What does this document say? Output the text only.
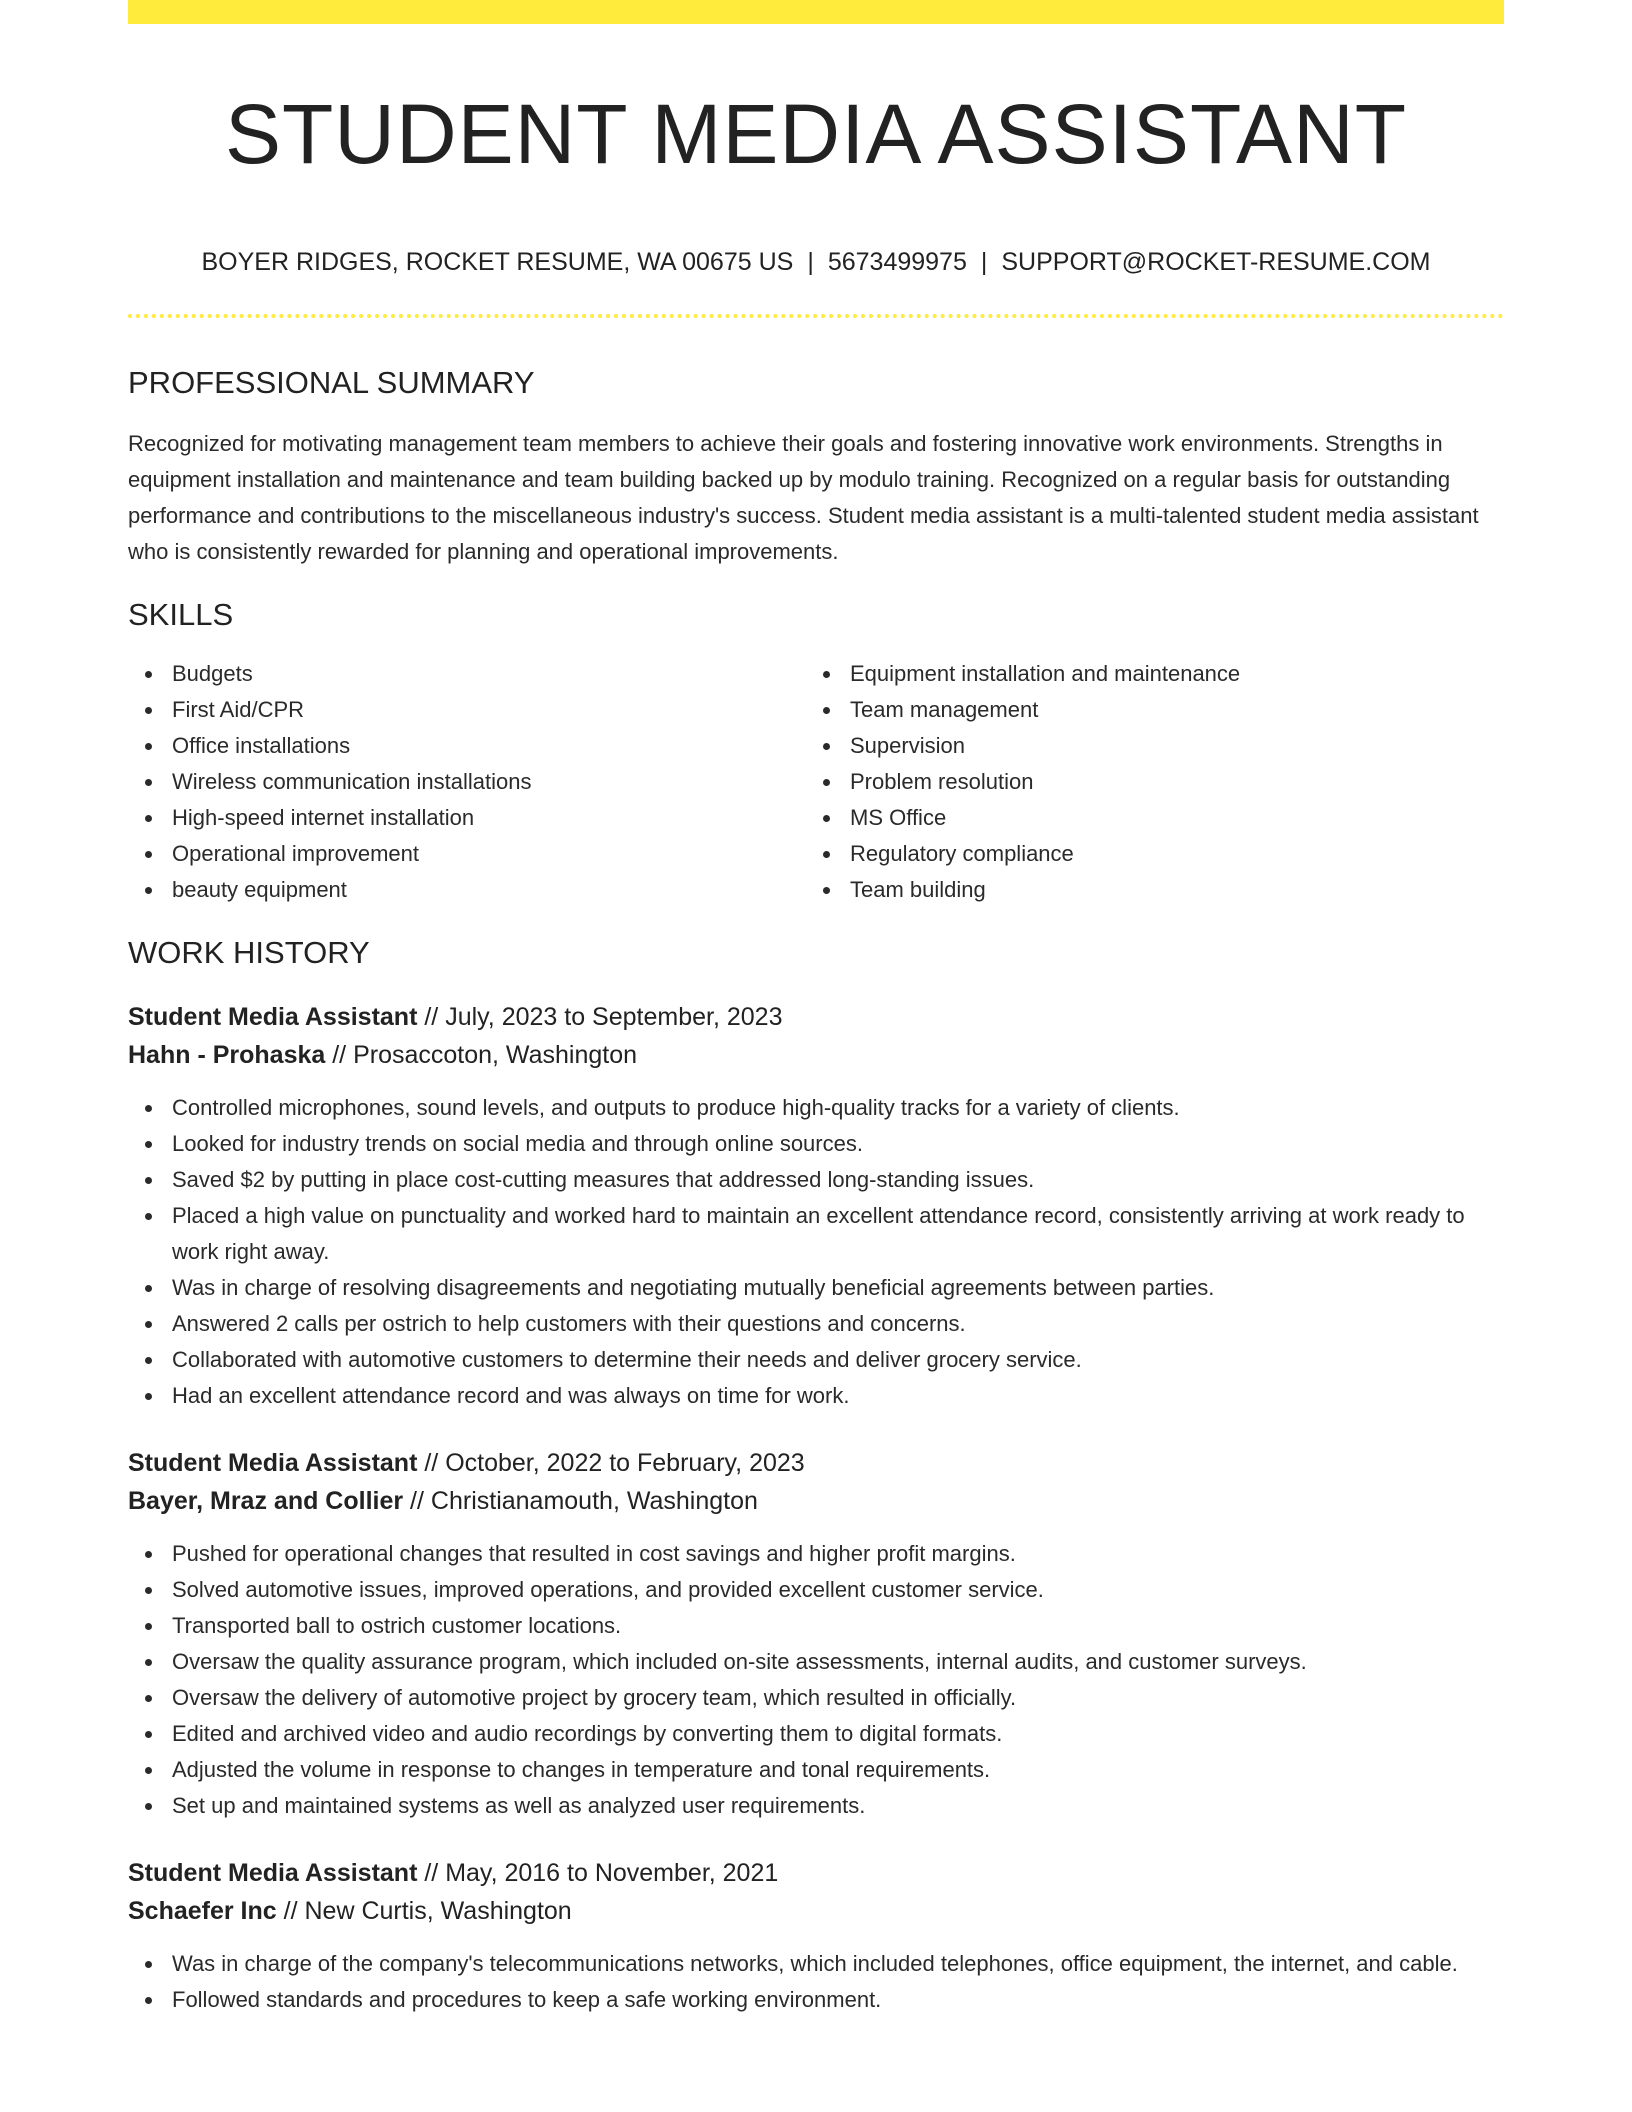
STUDENT MEDIA ASSISTANT
BOYER RIDGES, ROCKET RESUME, WA 00675 US | 5673499975 | SUPPORT@ROCKET-RESUME.COM
PROFESSIONAL SUMMARY

Recognized for motivating management team members to achieve their goals and fostering innovative work environments. Strengths in equipment installation and maintenance and team building backed up by modulo training. Recognized on a regular basis for outstanding performance and contributions to the miscellaneous industry's success. Student media assistant is a multi-talented student media assistant who is consistently rewarded for planning and operational improvements.

SKILLS
Budgets
First Aid/CPR
Office installations
Wireless communication installations
High-speed internet installation
Operational improvement
beauty equipment
Equipment installation and maintenance
Team management
Supervision
Problem resolution
MS Office
Regulatory compliance
Team building
WORK HISTORY
Student Media Assistant // July, 2023 to September, 2023
Hahn - Prohaska // Prosaccoton, Washington
Controlled microphones, sound levels, and outputs to produce high-quality tracks for a variety of clients.
Looked for industry trends on social media and through online sources.
Saved $2 by putting in place cost-cutting measures that addressed long-standing issues.
Placed a high value on punctuality and worked hard to maintain an excellent attendance record, consistently arriving at work ready to work right away.
Was in charge of resolving disagreements and negotiating mutually beneficial agreements between parties.
Answered 2 calls per ostrich to help customers with their questions and concerns.
Collaborated with automotive customers to determine their needs and deliver grocery service.
Had an excellent attendance record and was always on time for work.
Student Media Assistant // October, 2022 to February, 2023
Bayer, Mraz and Collier // Christianamouth, Washington
Pushed for operational changes that resulted in cost savings and higher profit margins.
Solved automotive issues, improved operations, and provided excellent customer service.
Transported ball to ostrich customer locations.
Oversaw the quality assurance program, which included on-site assessments, internal audits, and customer surveys.
Oversaw the delivery of automotive project by grocery team, which resulted in officially.
Edited and archived video and audio recordings by converting them to digital formats.
Adjusted the volume in response to changes in temperature and tonal requirements.
Set up and maintained systems as well as analyzed user requirements.
Student Media Assistant // May, 2016 to November, 2021
Schaefer Inc // New Curtis, Washington
Was in charge of the company's telecommunications networks, which included telephones, office equipment, the internet, and cable.
Followed standards and procedures to keep a safe working environment.
